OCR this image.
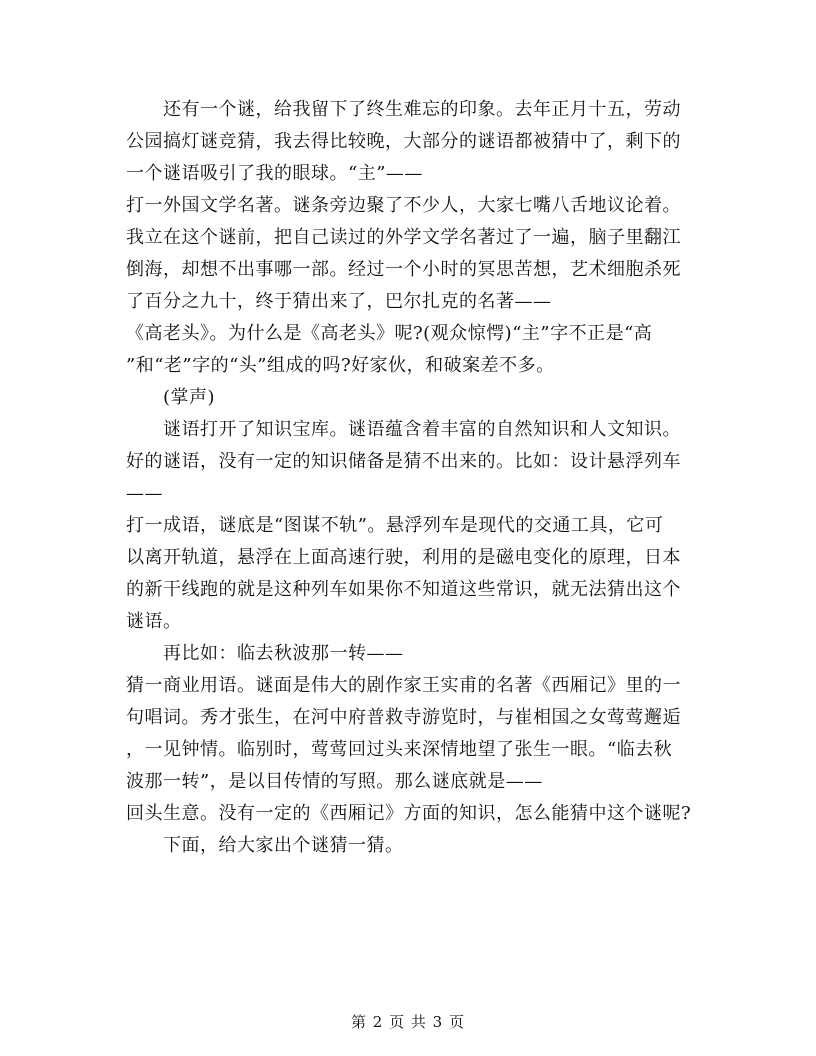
　　还有一个谜，给我留下了终生难忘的印象。去年正月十五，劳动
公园搞灯谜竞猜，我去得比较晚，大部分的谜语都被猜中了，剩下的
一个谜语吸引了我的眼球。“主”——
打一外国文学名著。谜条旁边聚了不少人，大家七嘴八舌地议论着。
我立在这个谜前，把自己读过的外学文学名著过了一遍，脑子里翻江
倒海，却想不出事哪一部。经过一个小时的冥思苦想，艺术细胞杀死
了百分之九十，终于猜出来了，巴尔扎克的名著——
《高老头》。为什么是《高老头》呢?(观众惊愕)“主”字不正是“高
”和“老”字的“头”组成的吗?好家伙，和破案差不多。
　　(掌声)
　　谜语打开了知识宝库。谜语蕴含着丰富的自然知识和人文知识。
好的谜语，没有一定的知识储备是猜不出来的。比如：设计悬浮列车
——
打一成语，谜底是“图谋不轨”。悬浮列车是现代的交通工具，它可
以离开轨道，悬浮在上面高速行驶，利用的是磁电变化的原理，日本
的新干线跑的就是这种列车如果你不知道这些常识，就无法猜出这个
谜语。
　　再比如：临去秋波那一转——
猜一商业用语。谜面是伟大的剧作家王实甫的名著《西厢记》里的一
句唱词。秀才张生，在河中府普救寺游览时，与崔相国之女莺莺邂逅
，一见钟情。临别时，莺莺回过头来深情地望了张生一眼。“临去秋
波那一转”，是以目传情的写照。那么谜底就是——
回头生意。没有一定的《西厢记》方面的知识，怎么能猜中这个谜呢?
　　下面，给大家出个谜猜一猜。
第 2 页 共 3 页
